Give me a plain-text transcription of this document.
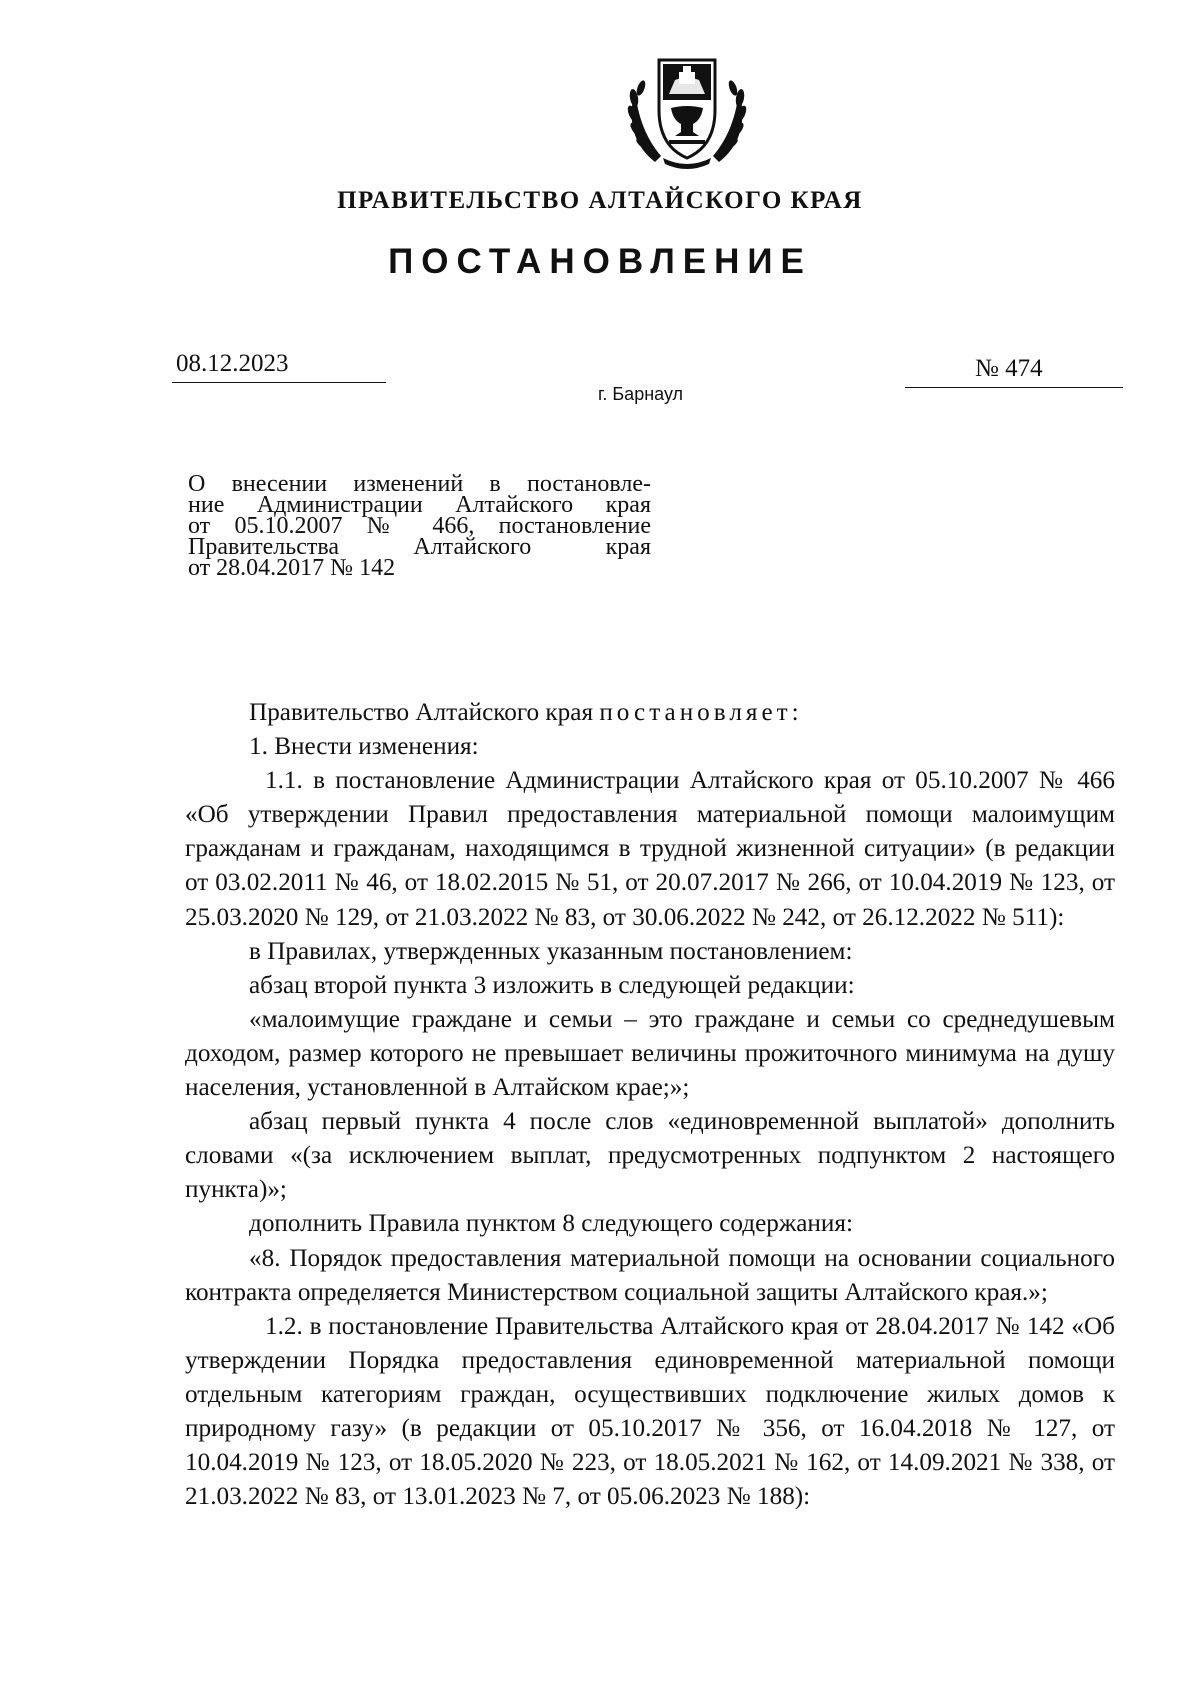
ПРАВИТЕЛЬСТВО АЛТАЙСКОГО КРАЯ
ПОСТАНОВЛЕНИЕ
08.12.2023	№ 474
г. Барнаул
О внесении изменений в постановле-
ние Администрации Алтайского края
от 05.10.2007 № 466, постановление
Правительства Алтайского края
от 28.04.2017 № 142

Правительство Алтайского края постановляет:

1. Внести изменения:

1.1. в постановление Администрации Алтайского края от 05.10.2007 № 466 «Об утверждении Правил предоставления материальной помощи малоимущим гражданам и гражданам, находящимся в трудной жизненной ситуации» (в редакции от 03.02.2011 № 46, от 18.02.2015 № 51, от 20.07.2017 № 266, от 10.04.2019 № 123, от 25.03.2020 № 129, от 21.03.2022 № 83, от 30.06.2022 № 242, от 26.12.2022 № 511):

в Правилах, утвержденных указанным постановлением:

абзац второй пункта 3 изложить в следующей редакции:

«малоимущие граждане и семьи – это граждане и семьи со среднедушевым доходом, размер которого не превышает величины прожиточного минимума на душу населения, установленной в Алтайском крае;»;

абзац первый пункта 4 после слов «единовременной выплатой» дополнить словами «(за исключением выплат, предусмотренных подпунктом 2 настоящего пункта)»;

дополнить Правила пунктом 8 следующего содержания:

«8. Порядок предоставления материальной помощи на основании социального контракта определяется Министерством социальной защиты Алтайского края.»;

1.2. в постановление Правительства Алтайского края от 28.04.2017 № 142 «Об утверждении Порядка предоставления единовременной материальной помощи отдельным категориям граждан, осуществивших подключение жилых домов к природному газу» (в редакции от 05.10.2017 № 356, от 16.04.2018 № 127, от 10.04.2019 № 123, от 18.05.2020 № 223, от 18.05.2021 № 162, от 14.09.2021 № 338, от 21.03.2022 № 83, от 13.01.2023 № 7, от 05.06.2023 № 188):
